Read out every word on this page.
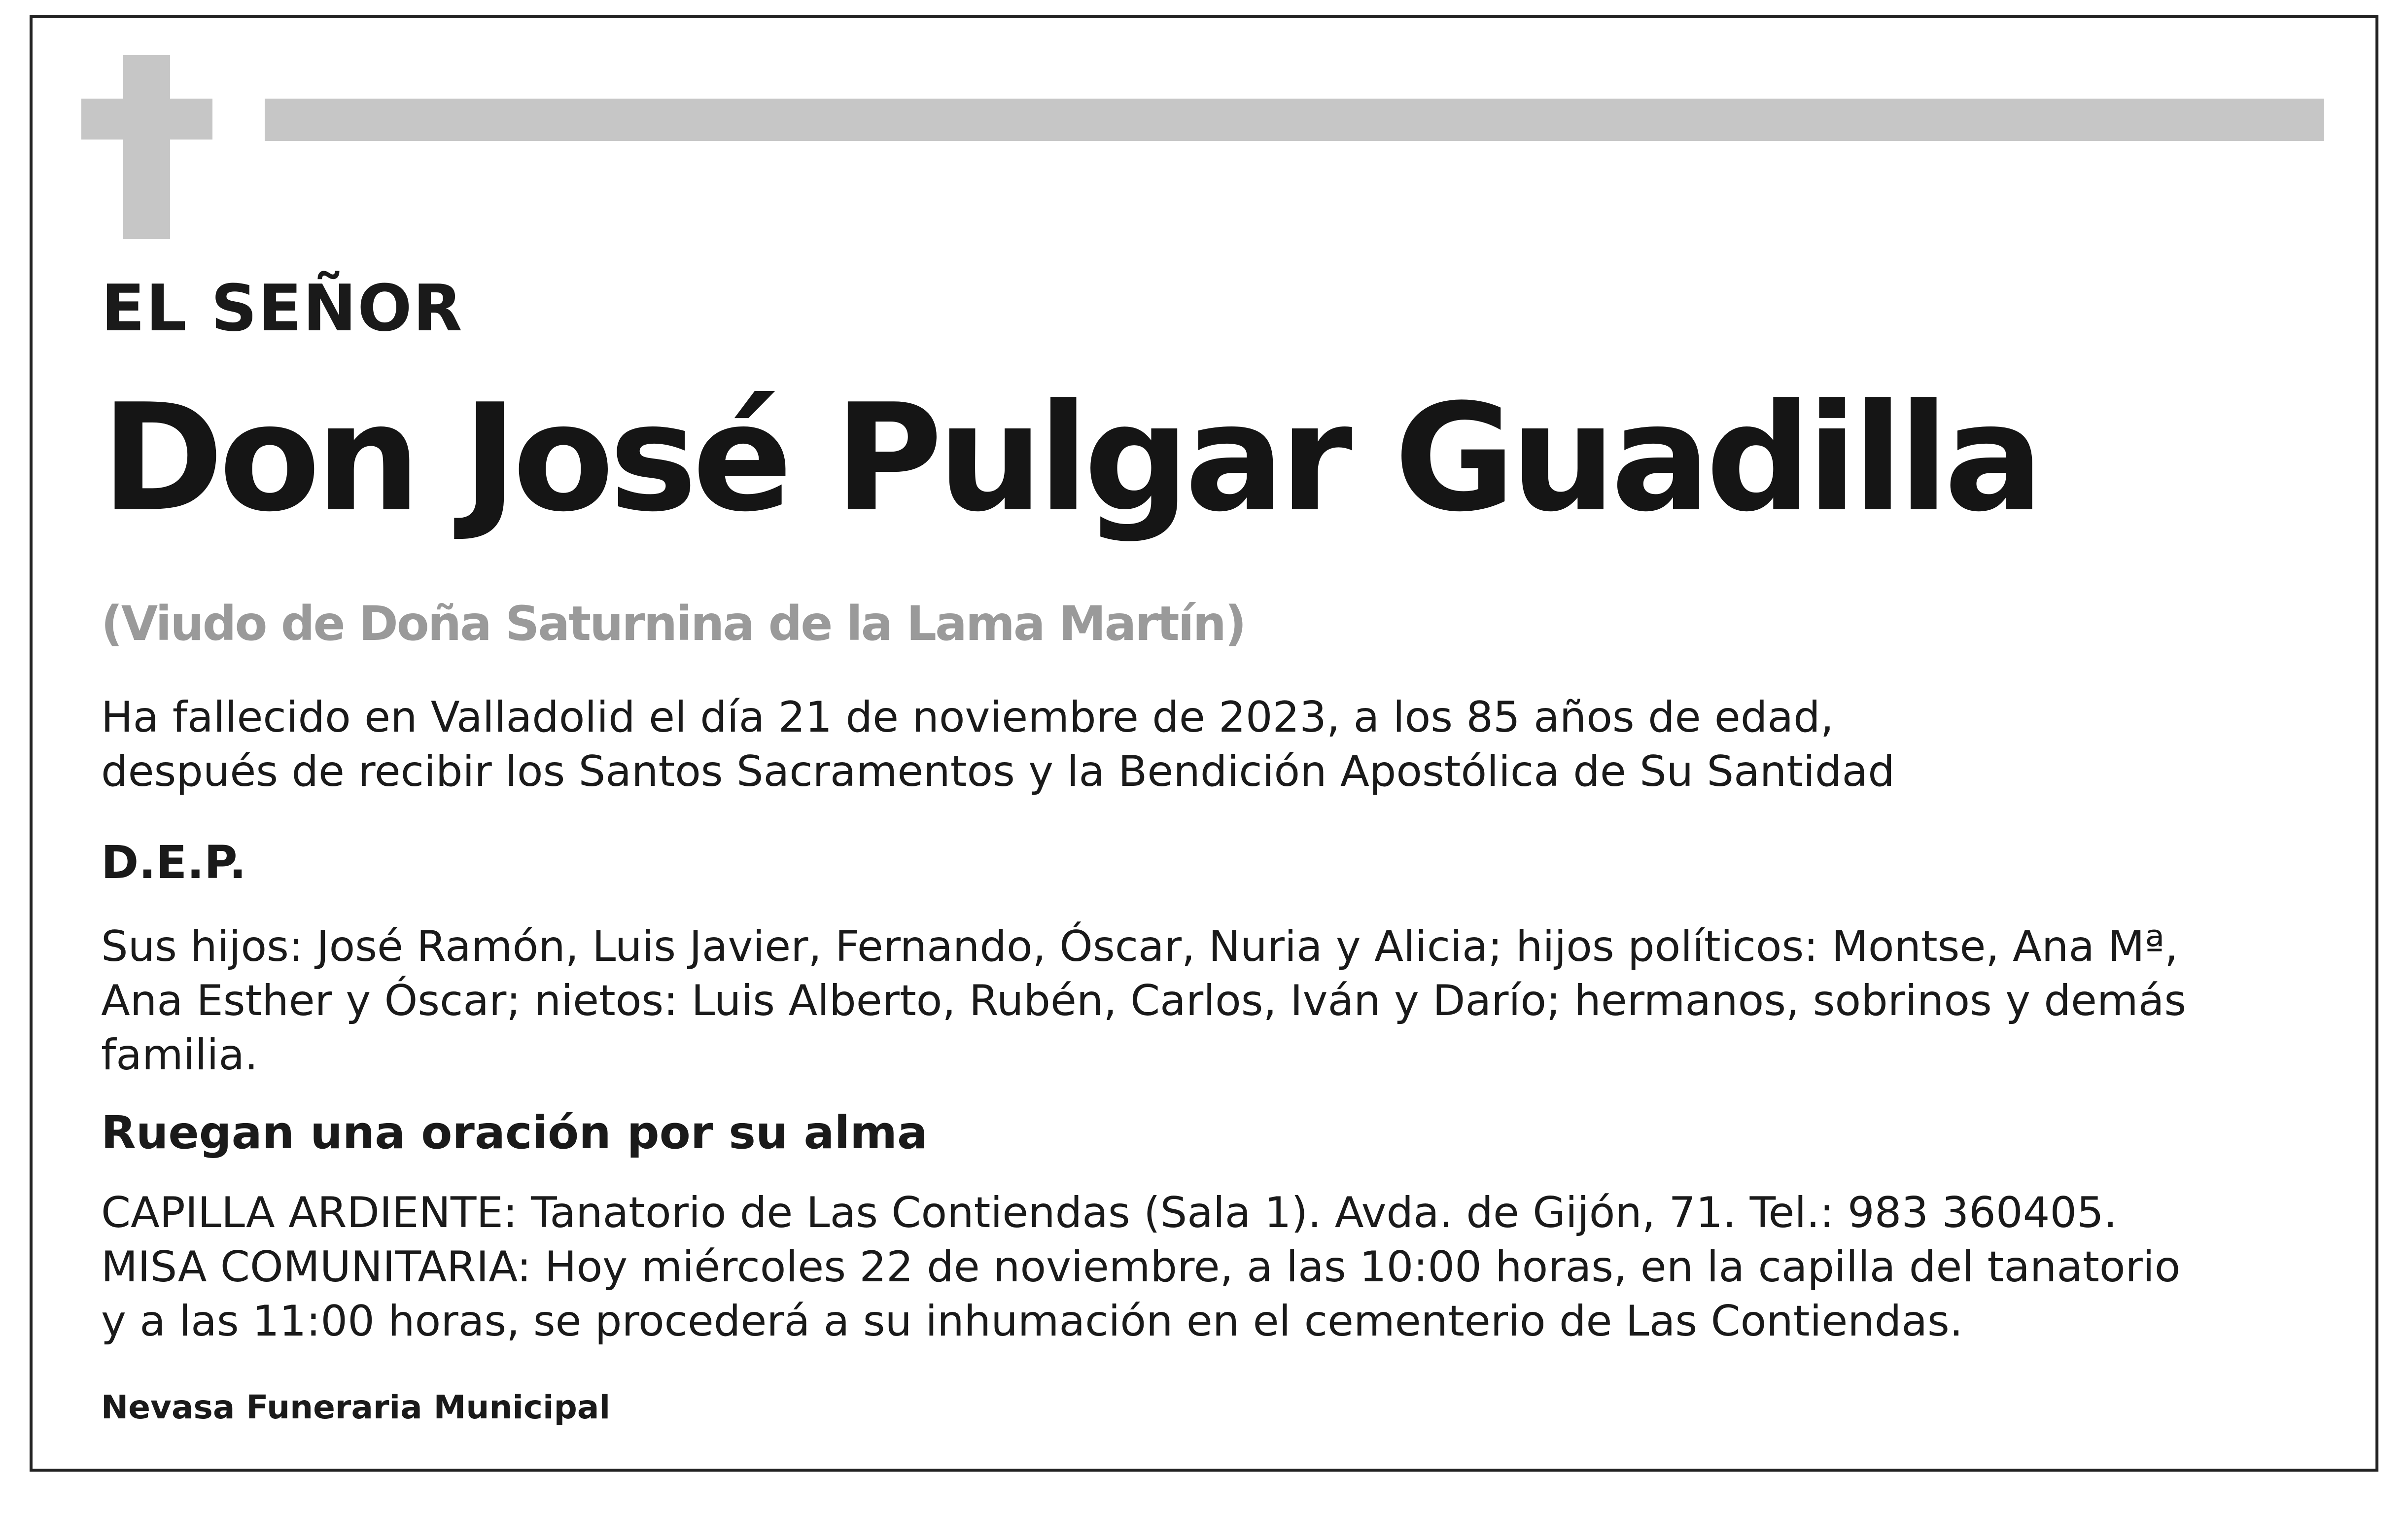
EL SEÑOR

Don José Pulgar Guadilla

(Viudo de Doña Saturnina de la Lama Martín)

Ha fallecido en Valladolid el día 21 de noviembre de 2023, a los 85 años de edad,
después de recibir los Santos Sacramentos y la Bendición Apostólica de Su Santidad

D.E.P.

Sus hijos: José Ramón, Luis Javier, Fernando, Óscar, Nuria y Alicia; hijos políticos: Montse, Ana Mª,
Ana Esther y Óscar; nietos: Luis Alberto, Rubén, Carlos, Iván y Darío; hermanos, sobrinos y demás
familia.

Ruegan una oración por su alma

CAPILLA ARDIENTE: Tanatorio de Las Contiendas (Sala 1). Avda. de Gijón, 71. Tel.: 983 360405.
MISA COMUNITARIA: Hoy miércoles 22 de noviembre, a las 10:00 horas, en la capilla del tanatorio
y a las 11:00 horas, se procederá a su inhumación en el cementerio de Las Contiendas.

Nevasa Funeraria Municipal
